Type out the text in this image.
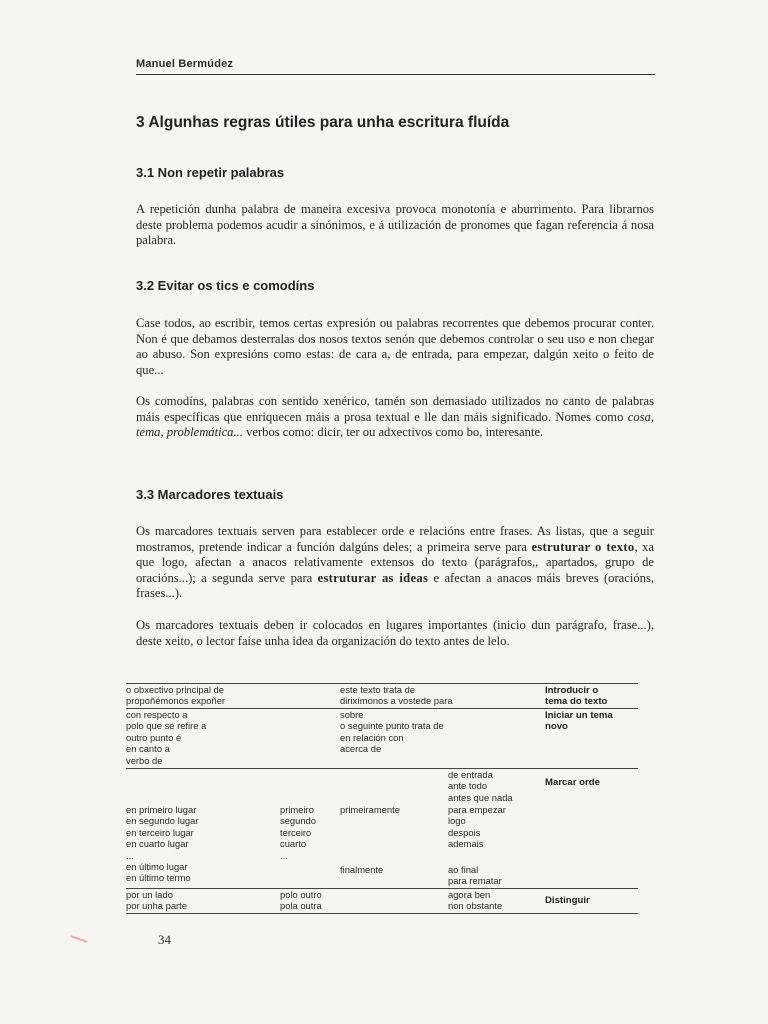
Manuel Bermúdez
3 Algunhas regras útiles para unha escritura fluída
3.1 Non repetir palabras
A repetición dunha palabra de maneira excesiva provoca monotonía e aburrimento. Para librarnos deste problema podemos acudir a sinónimos, e á utilización de pronomes que fagan referencia á nosa palabra.
3.2 Evitar os tics e comodíns
Case todos, ao escribir, temos certas expresión ou palabras recorrentes que debemos procurar conter. Non é que debamos desterralas dos nosos textos senón que debemos controlar o seu uso e non chegar ao abuso. Son expresións como estas: de cara a, de entrada, para empezar, dalgún xeito o feito de que...
Os comodíns, palabras con sentido xenérico, tamén son demasiado utilizados no canto de palabras máis específicas que enriquecen máis a prosa textual e lle dan máis significado. Nomes como cosa, tema, problemática... verbos como: dicir, ter ou adxectivos como bo, interesante.
3.3 Marcadores textuais
Os marcadores textuais serven para establecer orde e relacións entre frases. As listas, que a seguir mostramos, pretende indicar a función dalgúns deles; a primeira serve para estruturar o texto, xa que logo, afectan a anacos relativamente extensos do texto (parágrafos,, apartados, grupo de oracións...); a segunda serve para estruturar as ideas e afectan a anacos máis breves (oracións, frases...).
Os marcadores textuais deben ir colocados en lugares importantes (inicio dun parágrafo, frase...), deste xeito, o lector faise unha idea da organización do texto antes de lelo.
o obxectivo principal de
propoñémonos expoñer
este texto trata de
dirixímonos a vostede para
Introducir o
tema do texto
con respecto a
polo que se refire a
outro punto é
en canto a
verbo de
sobre
o seguinte punto trata de
en relación con
acerca de
Iniciar un tema
novo
de entrada
ante todo
antes que nada
Marcar orde
en primeiro lugar
en segundo lugar
en terceiro lugar
en cuarto lugar
...
en último lugar
en último termo
primeiro
segundo
terceiro
cuarto
...
primeiramente
finalmente
para empezar
logo
despois
ademais
ao final
para rematar
por un lado
por unha parte
polo outro
pola outra
agora ben
non obstante	Distinguir
34
